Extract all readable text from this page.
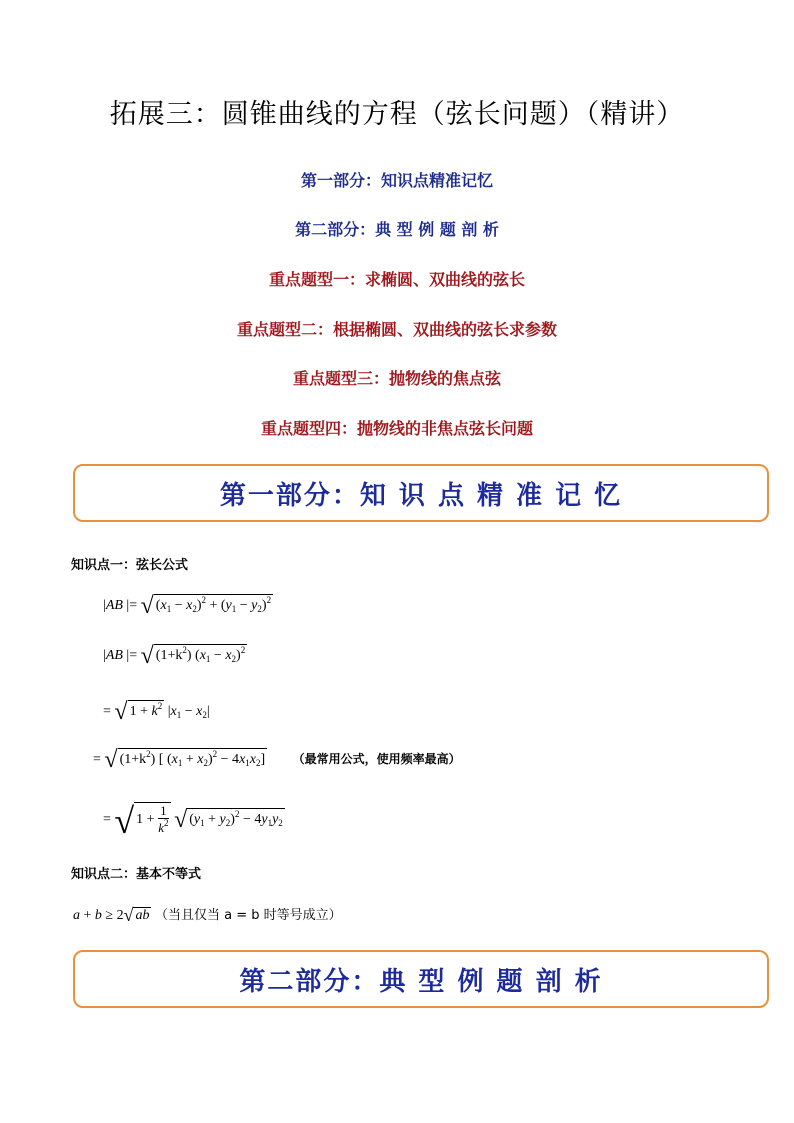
拓展三：圆锥曲线的方程（弦长问题）（精讲）
第一部分：知识点精准记忆
第二部分：典 型 例 题 剖 析
重点题型一：求椭圆、双曲线的弦长
重点题型二：根据椭圆、双曲线的弦长求参数
重点题型三：抛物线的焦点弦
重点题型四：抛物线的非焦点弦长问题
第一部分：知 识 点 精 准 记 忆
知识点一：弦长公式
|AB |= √ $(x_1 - x_2)^2 + (y_1 - y_2)^2$
|AB |= √ $(1+k^2) (x_1 - x_2)^2$
= √ $1 + k^2$ $|x_1 - x_2|$
= √ $(1+k^2)$ [ $(x_1 + x_2)^2 - 4x_1x_2$] （最常用公式，使用频率最高）
= √ $1 + \frac{1}{k^2}$ √ $(y_1 + y_2)^2 - 4y_1y_2$
知识点二：基本不等式
a + b ≥ 2√ ab （当且仅当 a = b 时等号成立）
第二部分：典 型 例 题 剖 析
